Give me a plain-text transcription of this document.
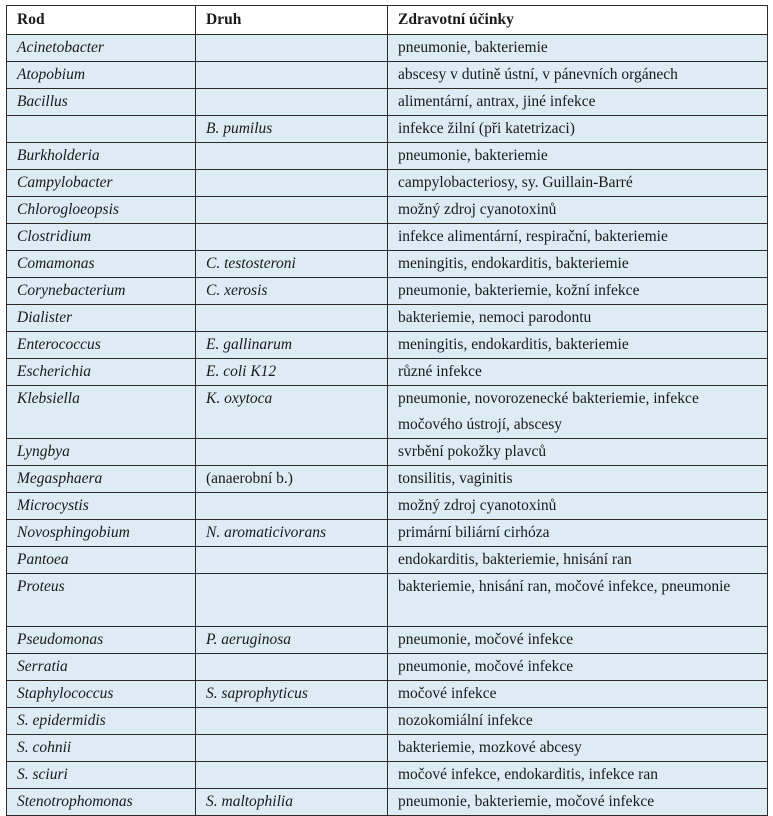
Rod	Druh	Zdravotní účinky
Acinetobacter		pneumonie, bakteriemie
Atopobium		abscesy v dutině ústní, v pánevních orgánech
Bacillus		alimentární, antrax, jiné infekce
	B. pumilus	infekce žilní (při katetrizaci)
Burkholderia		pneumonie, bakteriemie
Campylobacter		campylobacteriosy, sy. Guillain-Barré
Chlorogloeopsis		možný zdroj cyanotoxinů
Clostridium		infekce alimentární, respirační, bakteriemie
Comamonas	C. testosteroni	meningitis, endokarditis, bakteriemie
Corynebacterium	C. xerosis	pneumonie, bakteriemie, kožní infekce
Dialister		bakteriemie, nemoci parodontu
Enterococcus	E. gallinarum	meningitis, endokarditis, bakteriemie
Escherichia	E. coli K12	různé infekce
Klebsiella	K. oxytoca	pneumonie, novorozenecké bakteriemie, infekce močového ústrojí, abscesy
Lyngbya		svrbění pokožky plavců
Megasphaera	(anaerobní b.)	tonsilitis, vaginitis
Microcystis		možný zdroj cyanotoxinů
Novosphingobium	N. aromaticivorans	primární biliární cirhóza
Pantoea		endokarditis, bakteriemie, hnisání ran
Proteus		bakteriemie, hnisání ran, močové infekce, pneumonie
Pseudomonas	P. aeruginosa	pneumonie, močové infekce
Serratia		pneumonie, močové infekce
Staphylococcus	S. saprophyticus	močové infekce
S. epidermidis		nozokomiální infekce
S. cohnii		bakteriemie, mozkové abcesy
S. sciuri		močové infekce, endokarditis, infekce ran
Stenotrophomonas	S. maltophilia	pneumonie, bakteriemie, močové infekce
